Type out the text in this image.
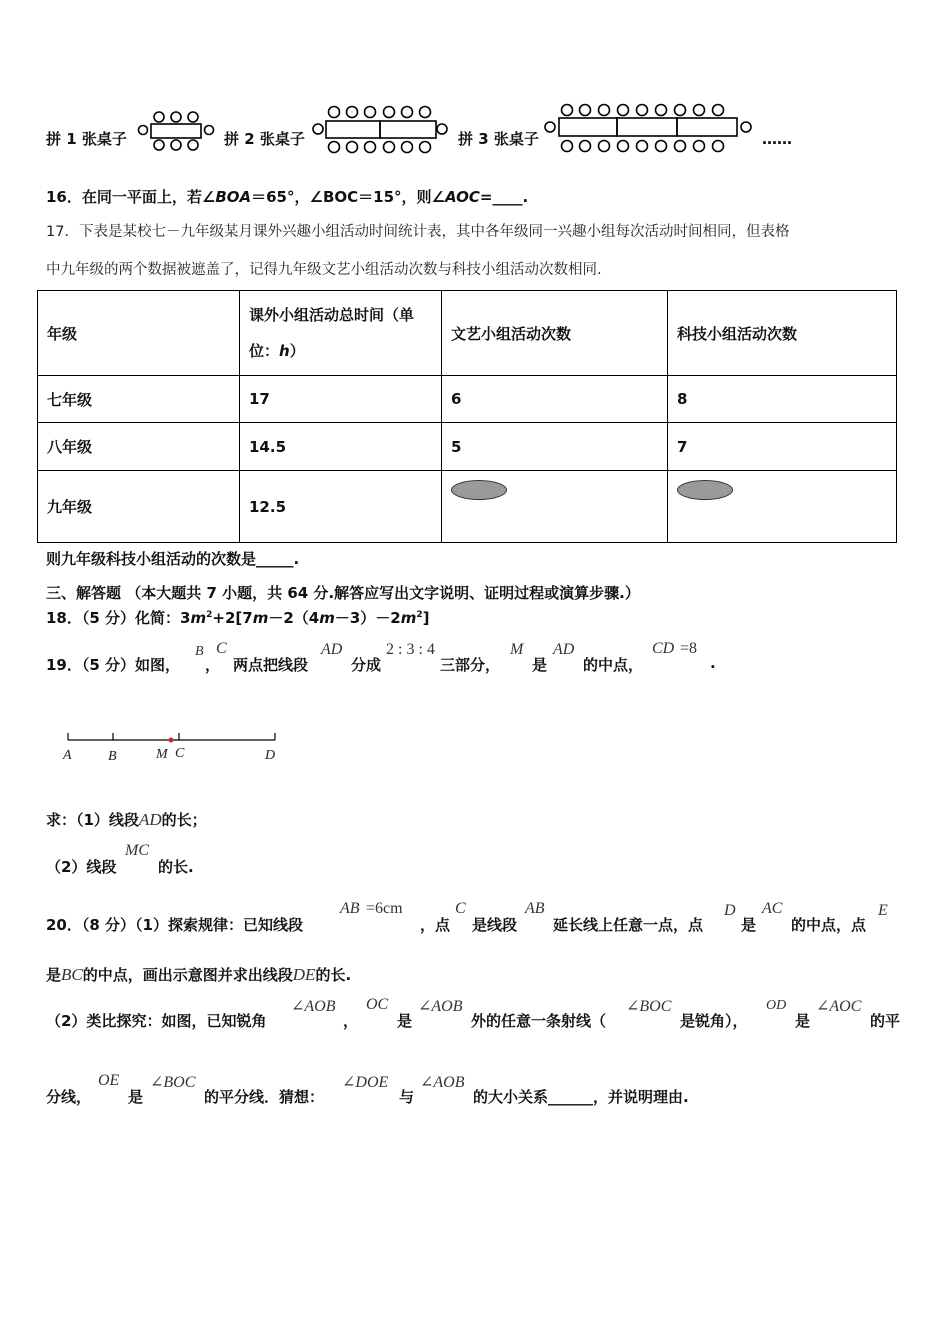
拼 1 张桌子	拼 2 张桌子	拼 3 张桌子	……
16．在同一平面上，若∠BOA＝65°，∠BOC＝15°，则∠AOC=____.
17．下表是某校七－九年级某月课外兴趣小组活动时间统计表，其中各年级同一兴趣小组每次活动时间相同，但表格
中九年级的两个数据被遮盖了，记得九年级文艺小组活动次数与科技小组活动次数相同.
年级	课外小组活动总时间（单
位：h）	文艺小组活动次数	科技小组活动次数
七年级	17	6	8
八年级	14.5	5	7
九年级	12.5		
则九年级科技小组活动的次数是_____.
三、解答题 （本大题共 7 小题，共 64 分.解答应写出文字说明、证明过程或演算步骤.）
18．（5 分）化简：$3m^2+2[7m-2(4m-3)-2m^2]$
19．（5 分）如图，
B
，
C
两点把线段
AD
分成
2 : 3 : 4
三部分，
M
是
AD
的中点，
CD =8
.
A	B	M C	D
求：（1）线段AD的长；
（2）线段
MC
的长.
20．（8 分）（1）探索规律：已知线段
AB =6cm
，点
C
是线段
AB
延长线上任意一点，点
D
是
AC
的中点，点
E
是BC的中点，画出示意图并求出线段DE的长.
（2）类比探究：如图，已知锐角
∠AOB
，
OC
是
∠AOB
外的任意一条射线（
∠BOC
是锐角），
OD
是
∠AOC
的平
分线，
OE
是
∠BOC
的平分线．猜想：
∠DOE
与
∠AOB
的大小关系______，并说明理由.
